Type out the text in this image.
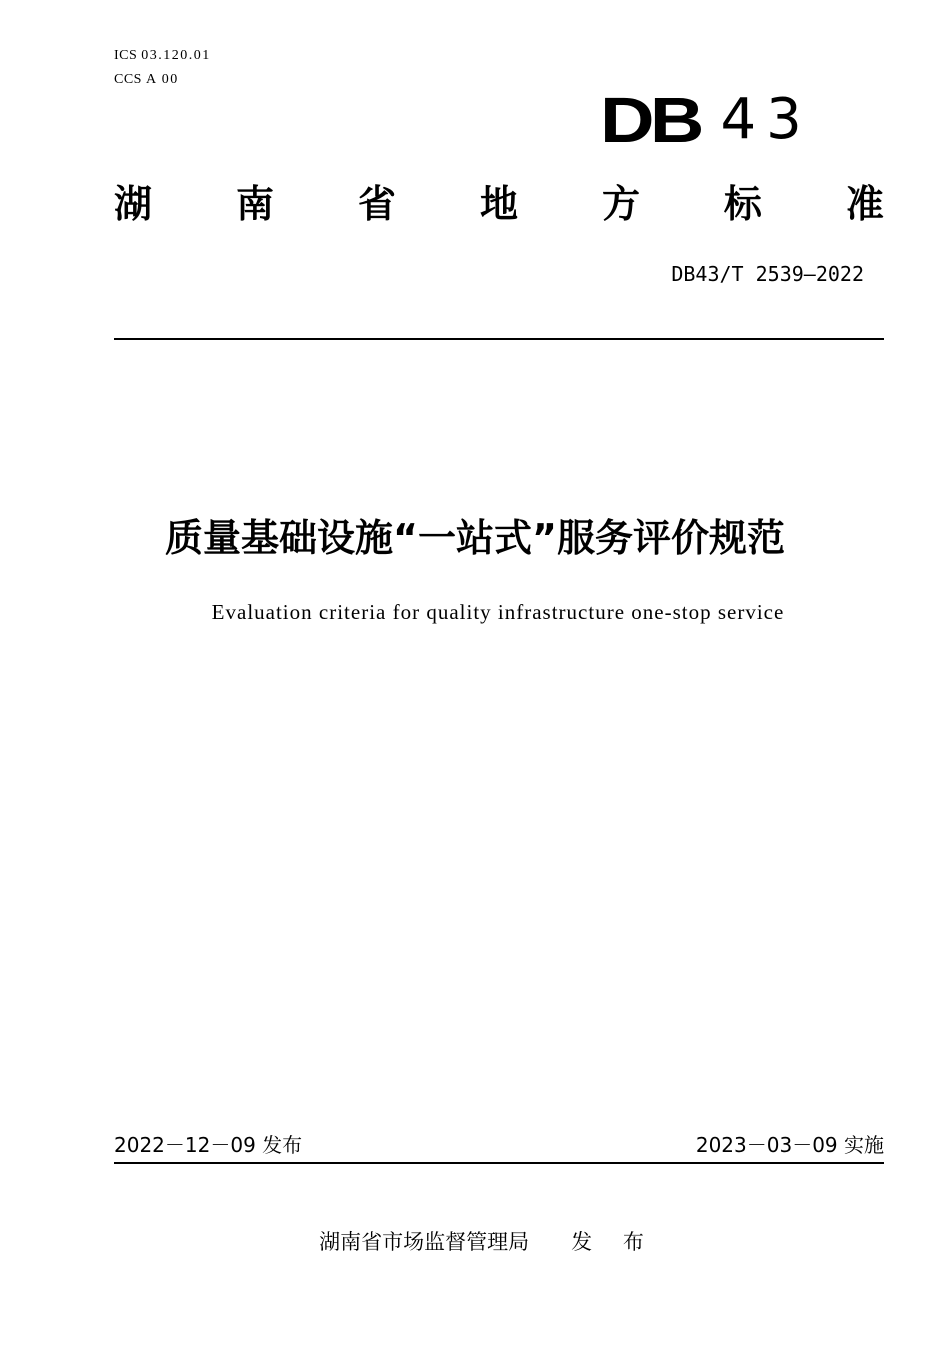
ICS 03.120.01
CCS A 00
DB 43
湖 南 省 地 方 标 准
DB43/T 2539—2022
质量基础设施“一站式”服务评价规范
Evaluation criteria for quality infrastructure one-stop service
2022－12－09 发布	2023－03－09 实施
湖南省市场监督管理局 发 布
